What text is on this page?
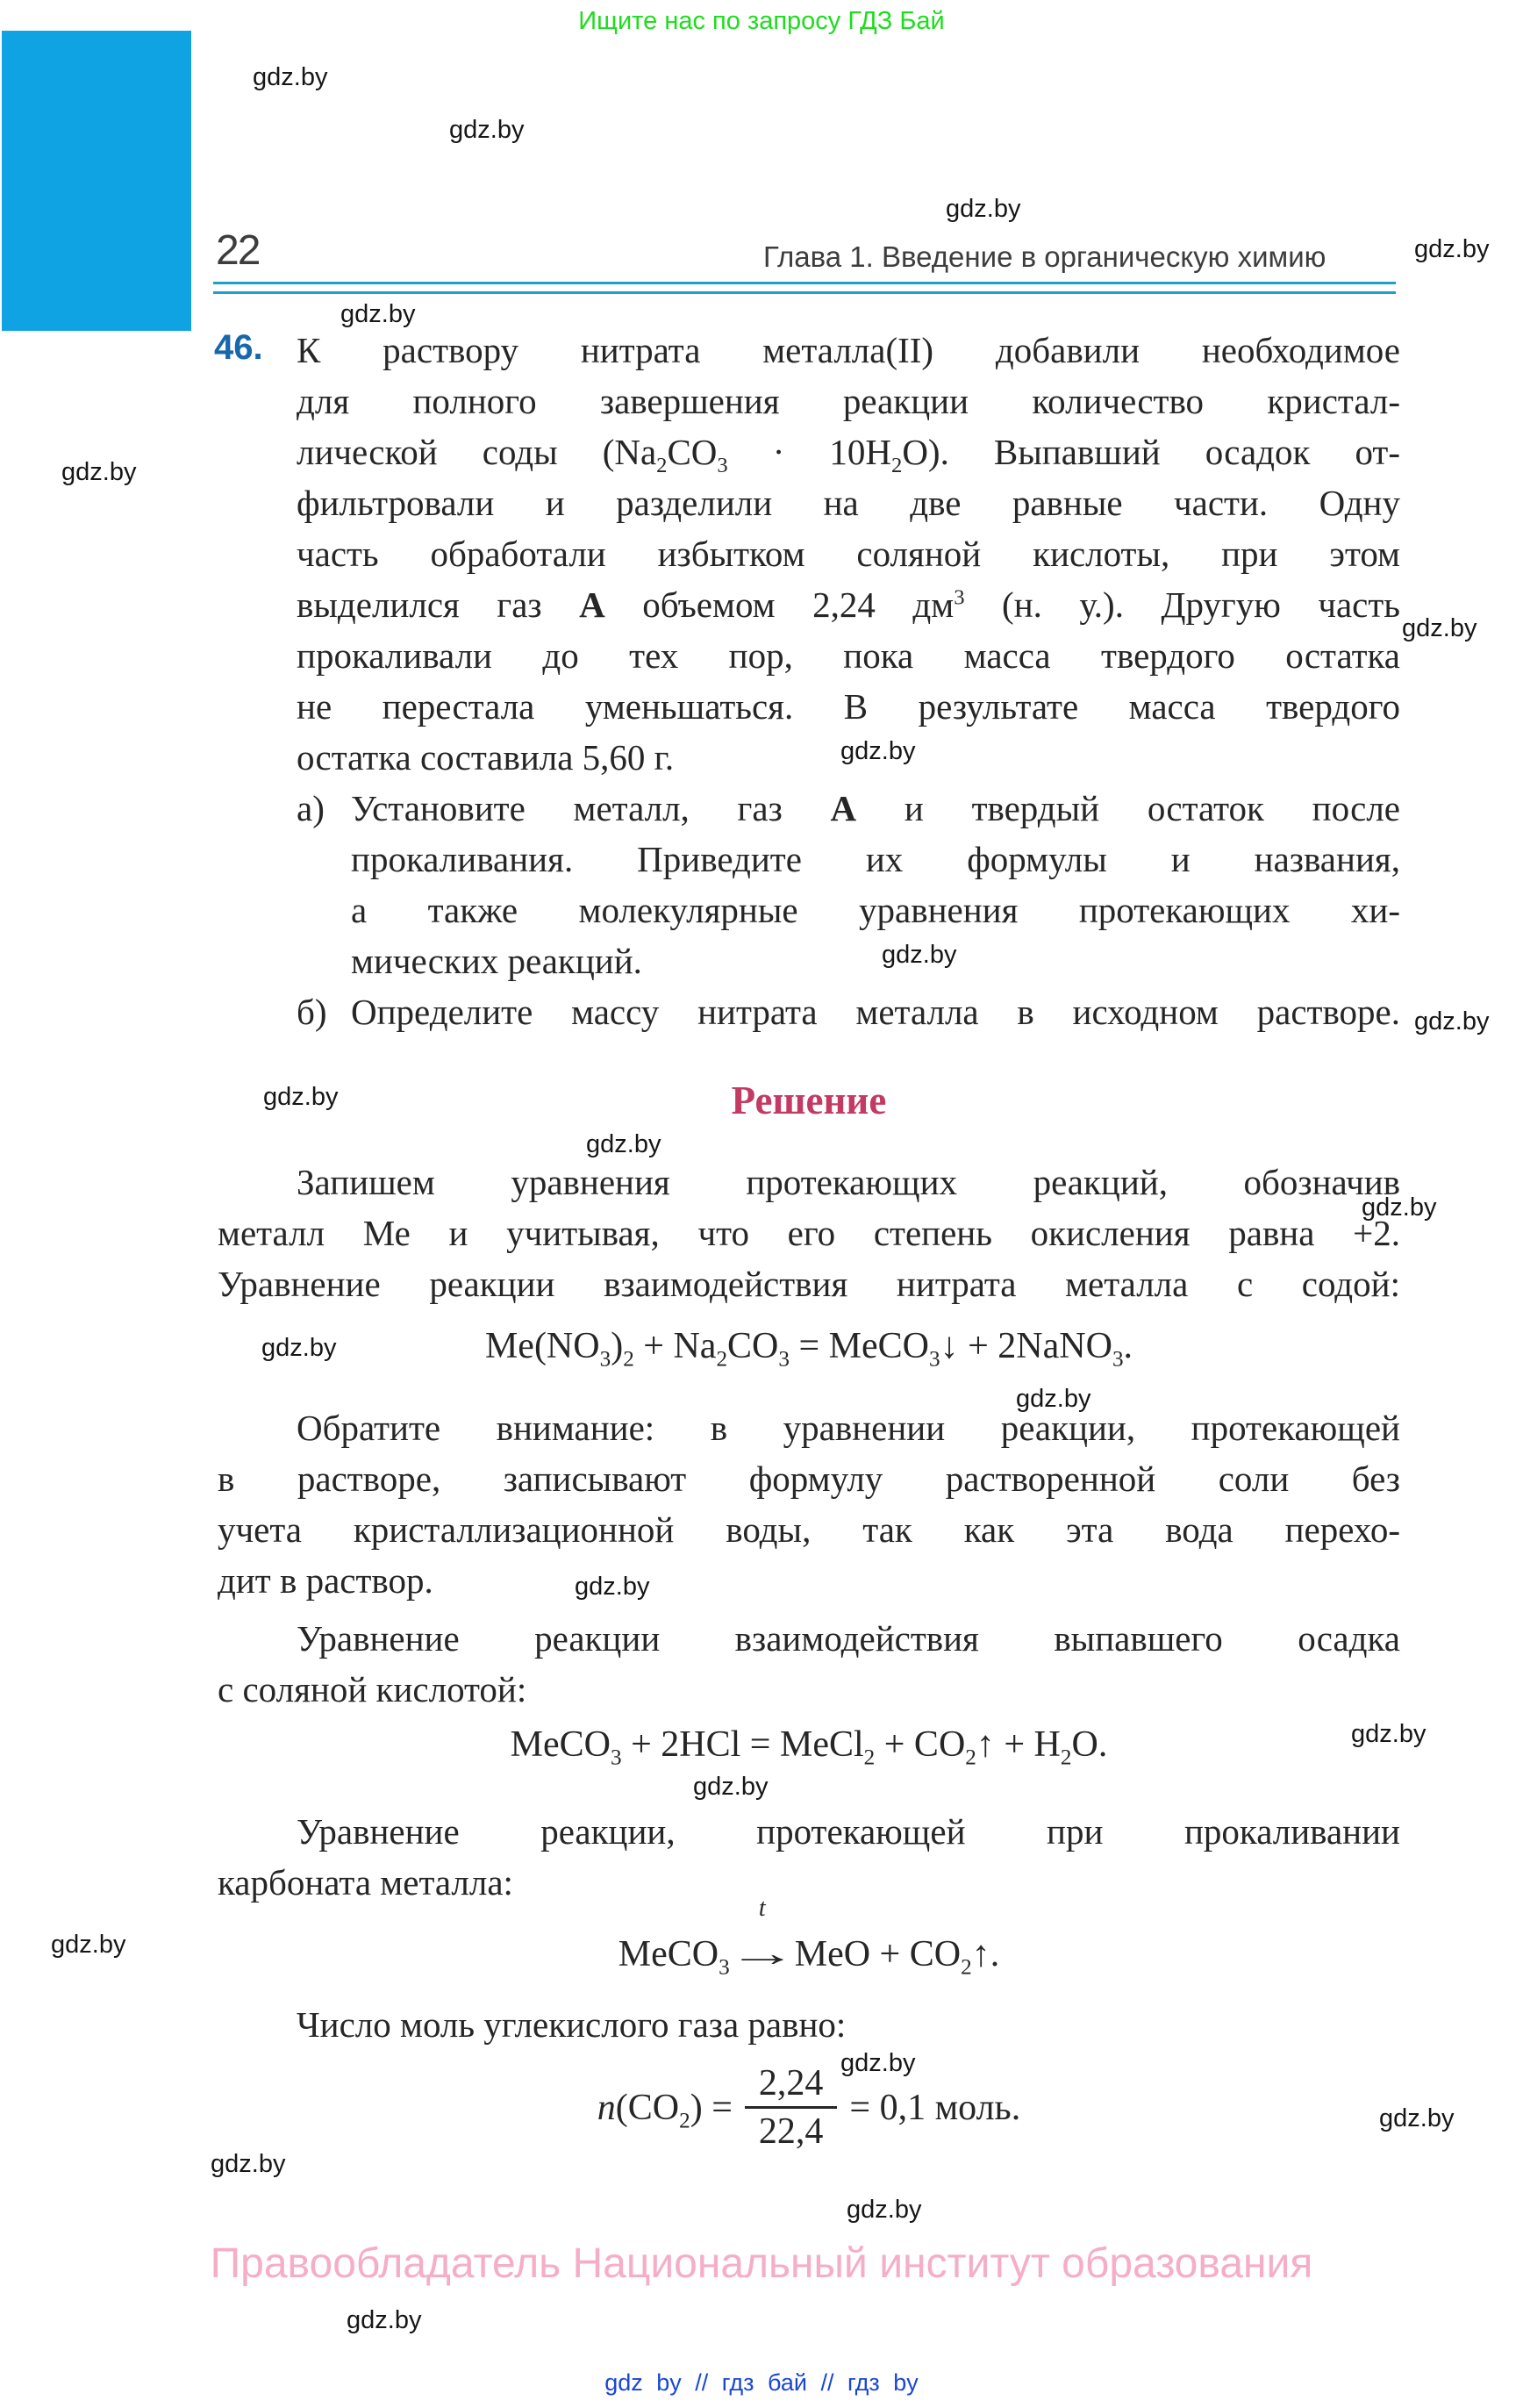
Ищите нас по запросу ГДЗ Бай
gdz.by
gdz.by
gdz.by
gdz.by
gdz.by
gdz.by
gdz.by
gdz.by
gdz.by
gdz.by
gdz.by
gdz.by
gdz.by
gdz.by
gdz.by
gdz.by
gdz.by
gdz.by
gdz.by
gdz.by
gdz.by
gdz.by
gdz.by
gdz.by
22	Глава 1. Введение в органическую химию
46. К раствору нитрата металла(II) добавили необходимое
для полного завершения реакции количество кристал-
лической соды $(Na_2CO_3 \cdot 10H_2O)$. Выпавший осадок от-
фильтровали и разделили на две равные части. Одну
часть обработали избытком соляной кислоты, при этом
выделился газ А объемом 2,24 $дм^3$ (н. у.). Другую часть
прокаливали до тех пор, пока масса твердого остатка
не перестала уменьшаться. В результате масса твердого
остатка составила 5,60 г.
а) Установите металл, газ А и твердый остаток после
прокаливания. Приведите их формулы и названия,
а также молекулярные уравнения протекающих хи-
мических реакций.
б) Определите массу нитрата металла в исходном растворе.
Решение
Запишем уравнения протекающих реакций, обозначив
металл Ме и учитывая, что его степень окисления равна +2.
Уравнение реакции взаимодействия нитрата металла с содой:
$Me(NO_3)_2 + Na_2CO_3$ = MeCO$_3$↓ + 2NaNO$_3$.
Обратите внимание: в уравнении реакции, протекающей
в растворе, записывают формулу растворенной соли без
учета кристаллизационной воды, так как эта вода перехо-
дит в раствор.
Уравнение реакции взаимодействия выпавшего осадка
с соляной кислотой:
MeCO$_3$ + 2HCl = MeCl$_2$ + $CO_2↑ + H_2O$.
Уравнение реакции, протекающей при прокаливании
карбоната металла:
MeCO$_3$
t
$\to MeO + CO_2↑$.
Число моль углекислого газа равно:
$n(CO_2) = \frac{2,24}{22,4} = 0,1$ моль.
Правообладатель Национальный институт образования
gdz by // гдз бай // гдз by
